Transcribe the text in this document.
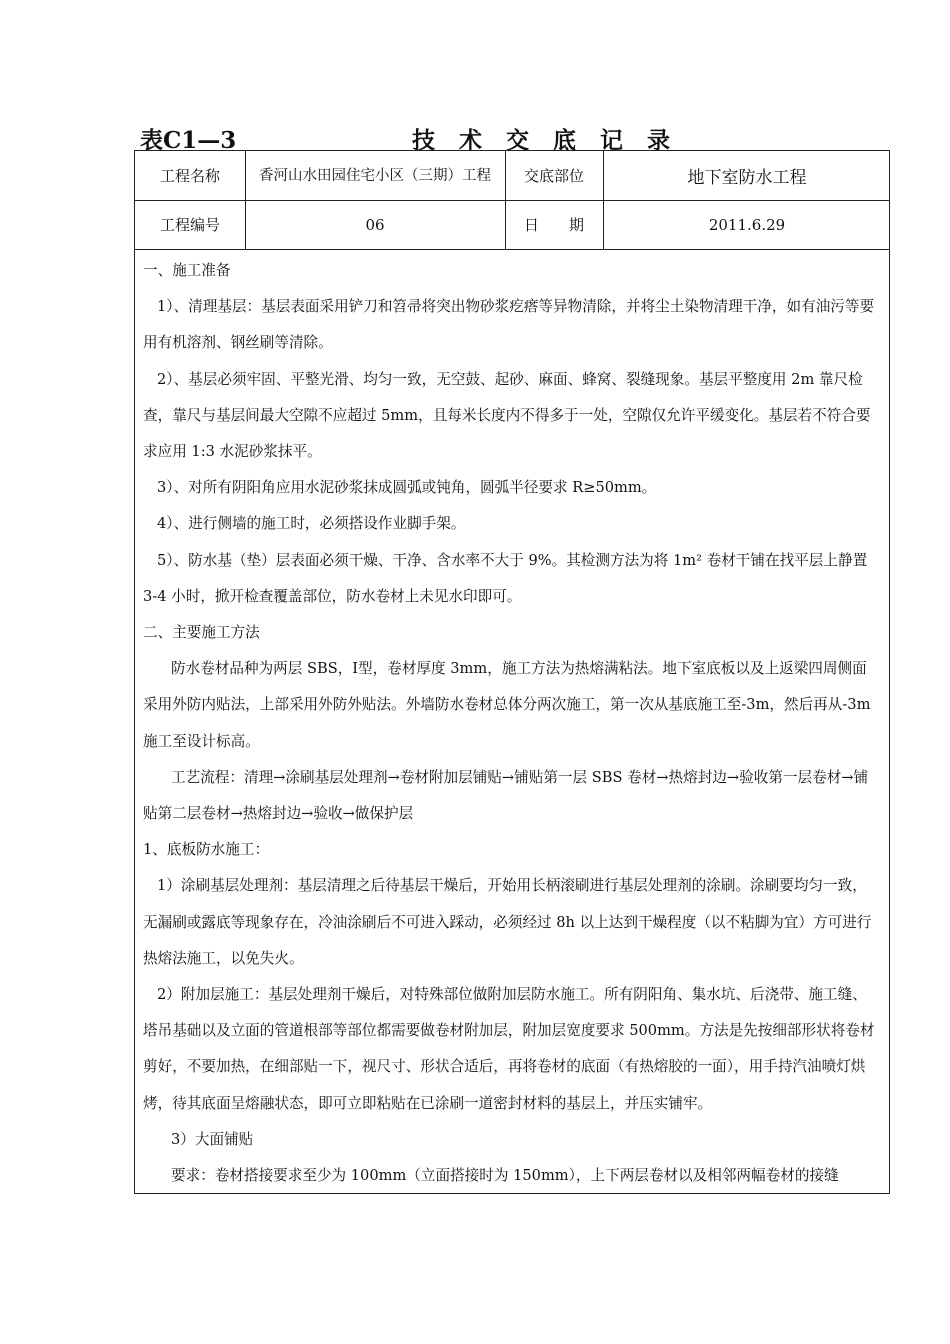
表C1—3	技 术 交 底 记 录
工程名称	香河山水田园住宅小区（三期）工程	交底部位	地下室防水工程
工程编号	06	日　　期	2011.6.29

一、施工准备

1）、清理基层：基层表面采用铲刀和笤帚将突出物砂浆疙瘩等异物清除，并将尘土染物清理干净，如有油污等要用有机溶剂、钢丝刷等清除。

2）、基层必须牢固、平整光滑、均匀一致，无空鼓、起砂、麻面、蜂窝、裂缝现象。基层平整度用 2m 靠尺检查，靠尺与基层间最大空隙不应超过 5mm，且每米长度内不得多于一处，空隙仅允许平缓变化。基层若不符合要求应用 1:3 水泥砂浆抹平。

3）、对所有阴阳角应用水泥砂浆抹成圆弧或钝角，圆弧半径要求 R≥50mm。

4）、进行侧墙的施工时，必须搭设作业脚手架。

5）、防水基（垫）层表面必须干燥、干净、含水率不大于 9%。其检测方法为将 1m² 卷材干铺在找平层上静置 3-4 小时，掀开检查覆盖部位，防水卷材上未见水印即可。

二、主要施工方法

防水卷材品种为两层 SBS，Ⅰ型，卷材厚度 3mm，施工方法为热熔满粘法。地下室底板以及上返梁四周侧面采用外防内贴法，上部采用外防外贴法。外墙防水卷材总体分两次施工，第一次从基底施工至-3m，然后再从-3m 施工至设计标高。

工艺流程：清理→涂刷基层处理剂→卷材附加层铺贴→铺贴第一层 SBS 卷材→热熔封边→验收第一层卷材→铺贴第二层卷材→热熔封边→验收→做保护层

1、底板防水施工：

1）涂刷基层处理剂：基层清理之后待基层干燥后，开始用长柄滚刷进行基层处理剂的涂刷。涂刷要均匀一致，无漏刷或露底等现象存在，冷油涂刷后不可进入踩动，必须经过 8h 以上达到干燥程度（以不粘脚为宜）方可进行热熔法施工，以免失火。

2）附加层施工：基层处理剂干燥后，对特殊部位做附加层防水施工。所有阴阳角、集水坑、后浇带、施工缝、塔吊基础以及立面的管道根部等部位都需要做卷材附加层，附加层宽度要求 500mm。方法是先按细部形状将卷材剪好，不要加热，在细部贴一下，视尺寸、形状合适后，再将卷材的底面（有热熔胶的一面），用手持汽油喷灯烘烤，待其底面呈熔融状态，即可立即粘贴在已涂刷一道密封材料的基层上，并压实铺牢。

3）大面铺贴

要求：卷材搭接要求至少为 100mm（立面搭接时为 150mm），上下两层卷材以及相邻两幅卷材的接缝
